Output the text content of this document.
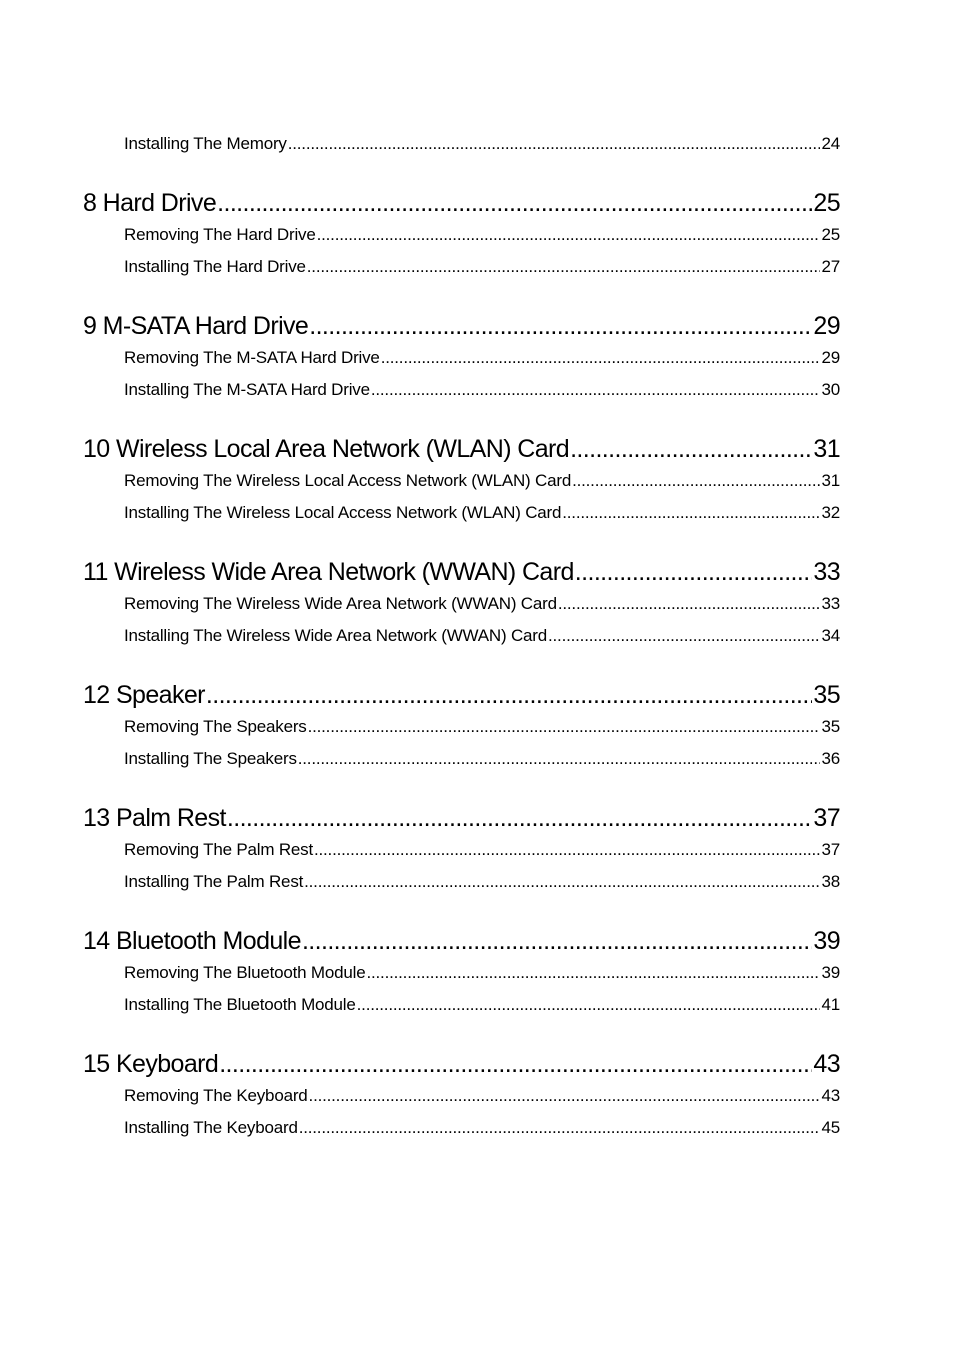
Installing The Memory .....	24
8 Hard Drive .....	25
Removing The Hard Drive .....	25
Installing The Hard Drive .....	27
9 M-SATA Hard Drive .....	29
Removing The M-SATA Hard Drive .....	29
Installing The M-SATA Hard Drive .....	30
10 Wireless Local Area Network (WLAN) Card .....	31
Removing The Wireless Local Access Network (WLAN) Card .....	31
Installing The Wireless Local Access Network (WLAN) Card .....	32
11 Wireless Wide Area Network (WWAN) Card .....	33
Removing The Wireless Wide Area Network (WWAN) Card .....	33
Installing The Wireless Wide Area Network (WWAN) Card .....	34
12 Speaker .....	35
Removing The Speakers .....	35
Installing The Speakers .....	36
13 Palm Rest .....	37
Removing The Palm Rest .....	37
Installing The Palm Rest .....	38
14 Bluetooth Module .....	39
Removing The Bluetooth Module .....	39
Installing The Bluetooth Module .....	41
15 Keyboard .....	43
Removing The Keyboard .....	43
Installing The Keyboard .....	45
